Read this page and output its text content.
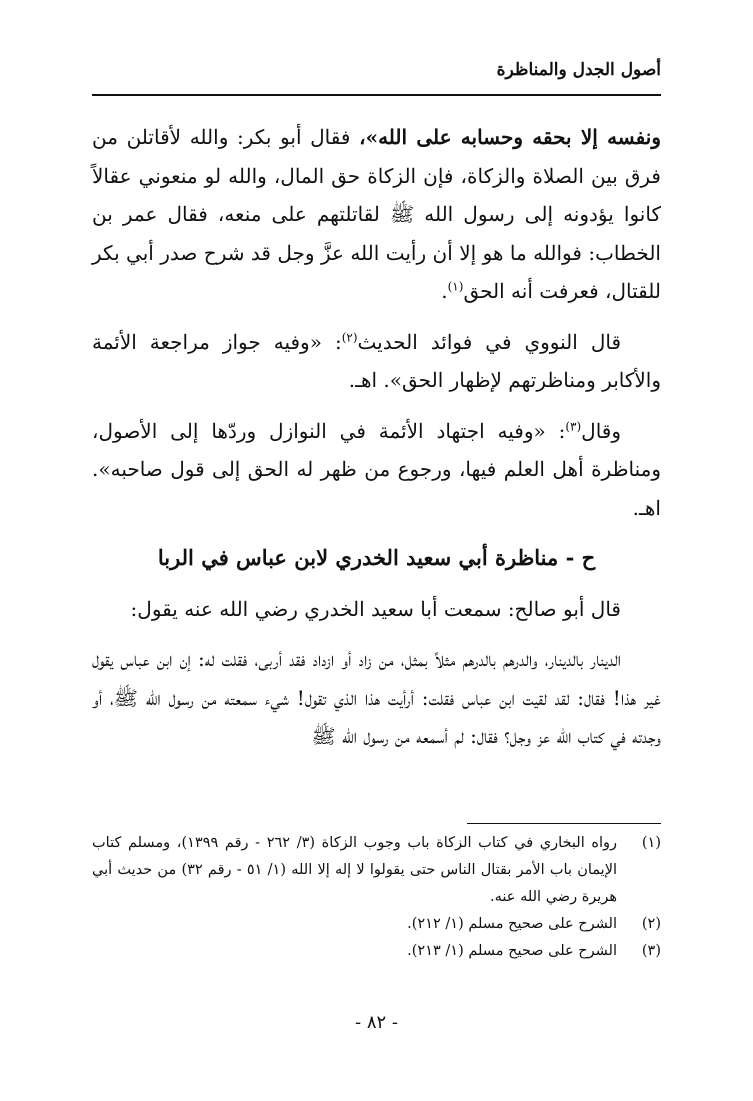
أصول الجدل والمناظرة

ونفسه إلا بحقه وحسابه على الله»، فقال أبو بكر: والله لأقاتلن من فرق بين الصلاة والزكاة، فإن الزكاة حق المال، والله لو منعوني عقالاً كانوا يؤدونه إلى رسول الله ﷺ لقاتلتهم على منعه، فقال عمر بن الخطاب: فوالله ما هو إلا أن رأيت الله عزَّ وجل قد شرح صدر أبي بكر للقتال، فعرفت أنه الحق$^{(١)}$.

قال النووي في فوائد الحديث$^{(٢)}$: «وفيه جواز مراجعة الأئمة والأكابر ومناظرتهم لإظهار الحق». اهـ.

وقال$^{(٣)}$: «وفيه اجتهاد الأئمة في النوازل وردّها إلى الأصول، ومناظرة أهل العلم فيها، ورجوع من ظهر له الحق إلى قول صاحبه». اهـ.

ح - مناظرة أبي سعيد الخدري لابن عباس في الربا

قال أبو صالح: سمعت أبا سعيد الخدري رضي الله عنه يقول:

الدينار بالدينار، والدرهم بالدرهم مثلاً بمثل، من زاد أو ازداد فقد أربى، فقلت له: إن ابن عباس يقول غير هذا! فقال: لقد لقيت ابن عباس فقلت: أرأيت هذا الذي تقول! شيء سمعته من رسول الله ﷺ، أو وجدته في كتاب الله عز وجل؟ فقال: لم أسمعه من رسول الله ﷺ

(١)
رواه البخاري في كتاب الزكاة باب وجوب الزكاة (٣/ ٢٦٢ - رقم ١٣٩٩)، ومسلم كتاب الإيمان باب الأمر بقتال الناس حتى يقولوا لا إله إلا الله (١/ ٥١ - رقم ٣٢) من حديث أبي هريرة رضي الله عنه.
(٢)
الشرح على صحيح مسلم (١/ ٢١٢).
(٣)
الشرح على صحيح مسلم (١/ ٢١٣).
- ٨٢ -
